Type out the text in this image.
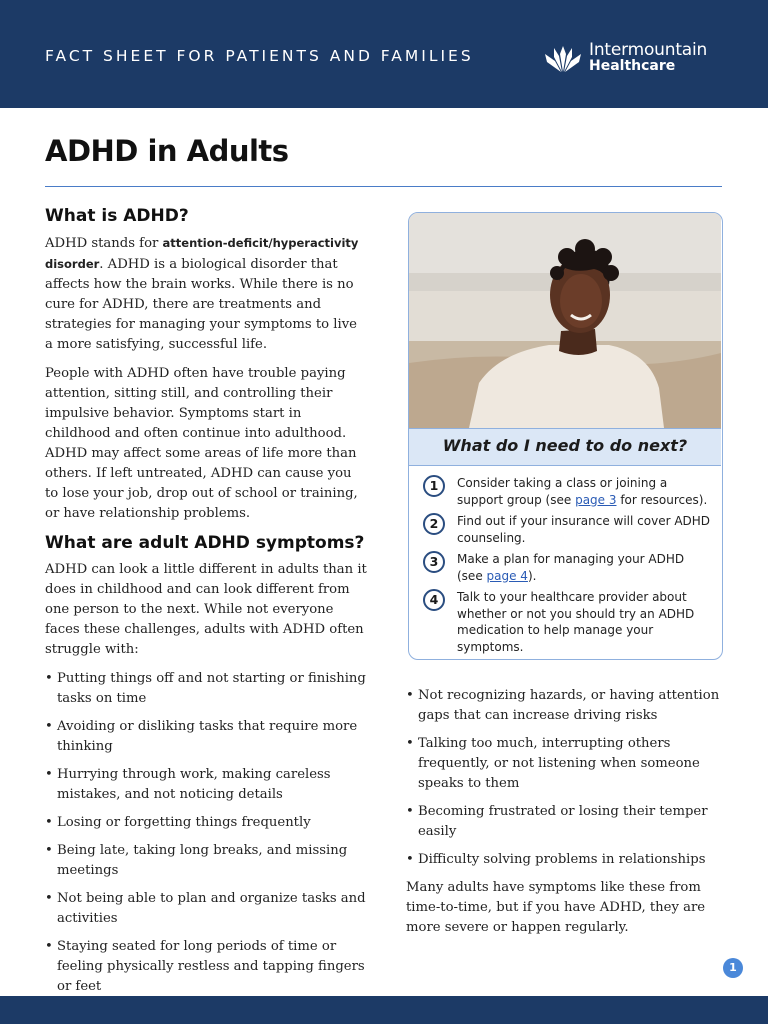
FACT SHEET FOR PATIENTS AND FAMILIES	Intermountain
Healthcare
ADHD in Adults
What is ADHD?

ADHD stands for attention-deficit/hyperactivity disorder. ADHD is a biological disorder that affects how the brain works. While there is no cure for ADHD, there are treatments and strategies for managing your symptoms to live a more satisfying, successful life.

People with ADHD often have trouble paying attention, sitting still, and controlling their impulsive behavior. Symptoms start in childhood and often continue into adulthood. ADHD may affect some areas of life more than others. If left untreated, ADHD can cause you to lose your job, drop out of school or training, or have relationship problems.

What are adult ADHD symptoms?

ADHD can look a little different in adults than it does in childhood and can look different from one person to the next. While not everyone faces these challenges, adults with ADHD often struggle with:

• Putting things off and not starting or finishing tasks on time
• Avoiding or disliking tasks that require more thinking
• Hurrying through work, making careless mistakes, and not noticing details
• Losing or forgetting things frequently
• Being late, taking long breaks, and missing meetings
• Not being able to plan and organize tasks and activities
• Staying seated for long periods of time or feeling physically restless and tapping fingers or feet
•
What do I need to do next?
1	Consider taking a class or joining a support group (see page 3 for resources).
2	Find out if your insurance will cover ADHD counseling.
3	Make a plan for managing your ADHD (see page 4).
4	Talk to your healthcare provider about whether or not you should try an ADHD medication to help manage your symptoms.
• Not recognizing hazards, or having attention gaps that can increase driving risks
• Talking too much, interrupting others frequently, or not listening when someone speaks to them
• Becoming frustrated or losing their temper easily
• Difficulty solving problems in relationships

Many adults have symptoms like these from time-to-time, but if you have ADHD, they are more severe or happen regularly.

1
